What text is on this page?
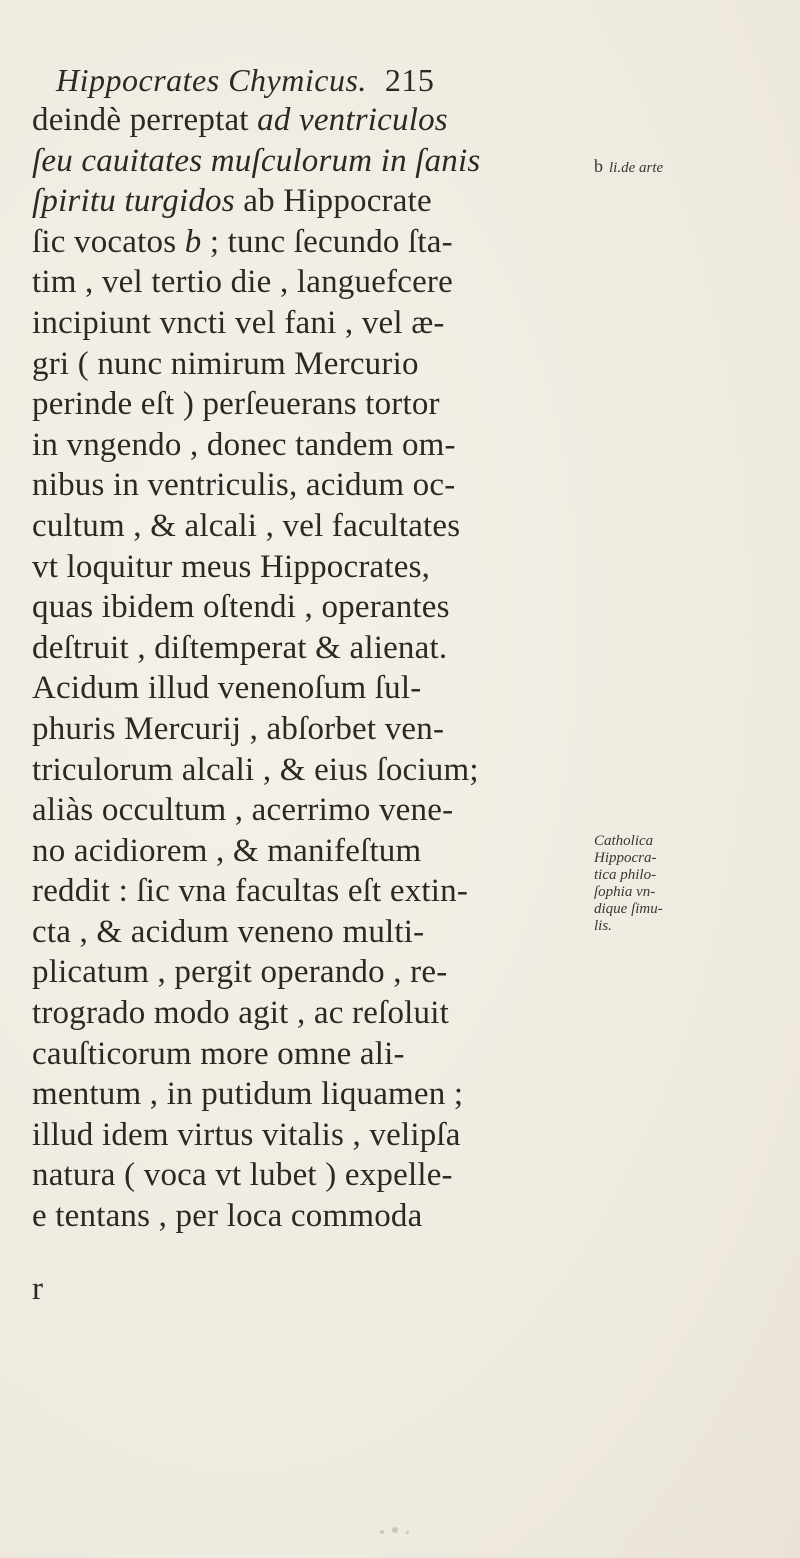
Hippocrates Chymicus. 215
deindè perreptat ad ventriculos
ſeu cauitates muſculorum in ſanis
ſpiritu turgidos ab Hippocrate
ſic vocatos b ; tunc ſecundo ſta-
tim , vel tertio die , languefcere
incipiunt vncti vel fani , vel æ-
gri ( nunc nimirum Mercurio
perinde eſt ) perſeuerans tortor
in vngendo , donec tandem om-
nibus in ventriculis, acidum oc-
cultum , & alcali , vel facultates
vt loquitur meus Hippocrates,
quas ibidem oſtendi , operantes
deſtruit , diſtemperat & alienat.
Acidum illud venenoſum ſul-
phuris Mercurij , abſorbet ven-
triculorum alcali , & eius ſocium;
aliàs occultum , acerrimo vene-
no acidiorem , & manifeſtum
reddit : ſic vna facultas eſt extin-
cta , & acidum veneno multi-
plicatum , pergit operando , re-
trogrado modo agit , ac reſoluit
cauſticorum more omne ali-
mentum , in putidum liquamen ;
illud idem virtus vitalis , velipſa
natura ( voca vt lubet ) expelle-
e tentans , per loca commoda
r
b li.de arte
Catholica
Hippocra-
tica philo-
ſophia vn-
dique ſimu-
lis.
